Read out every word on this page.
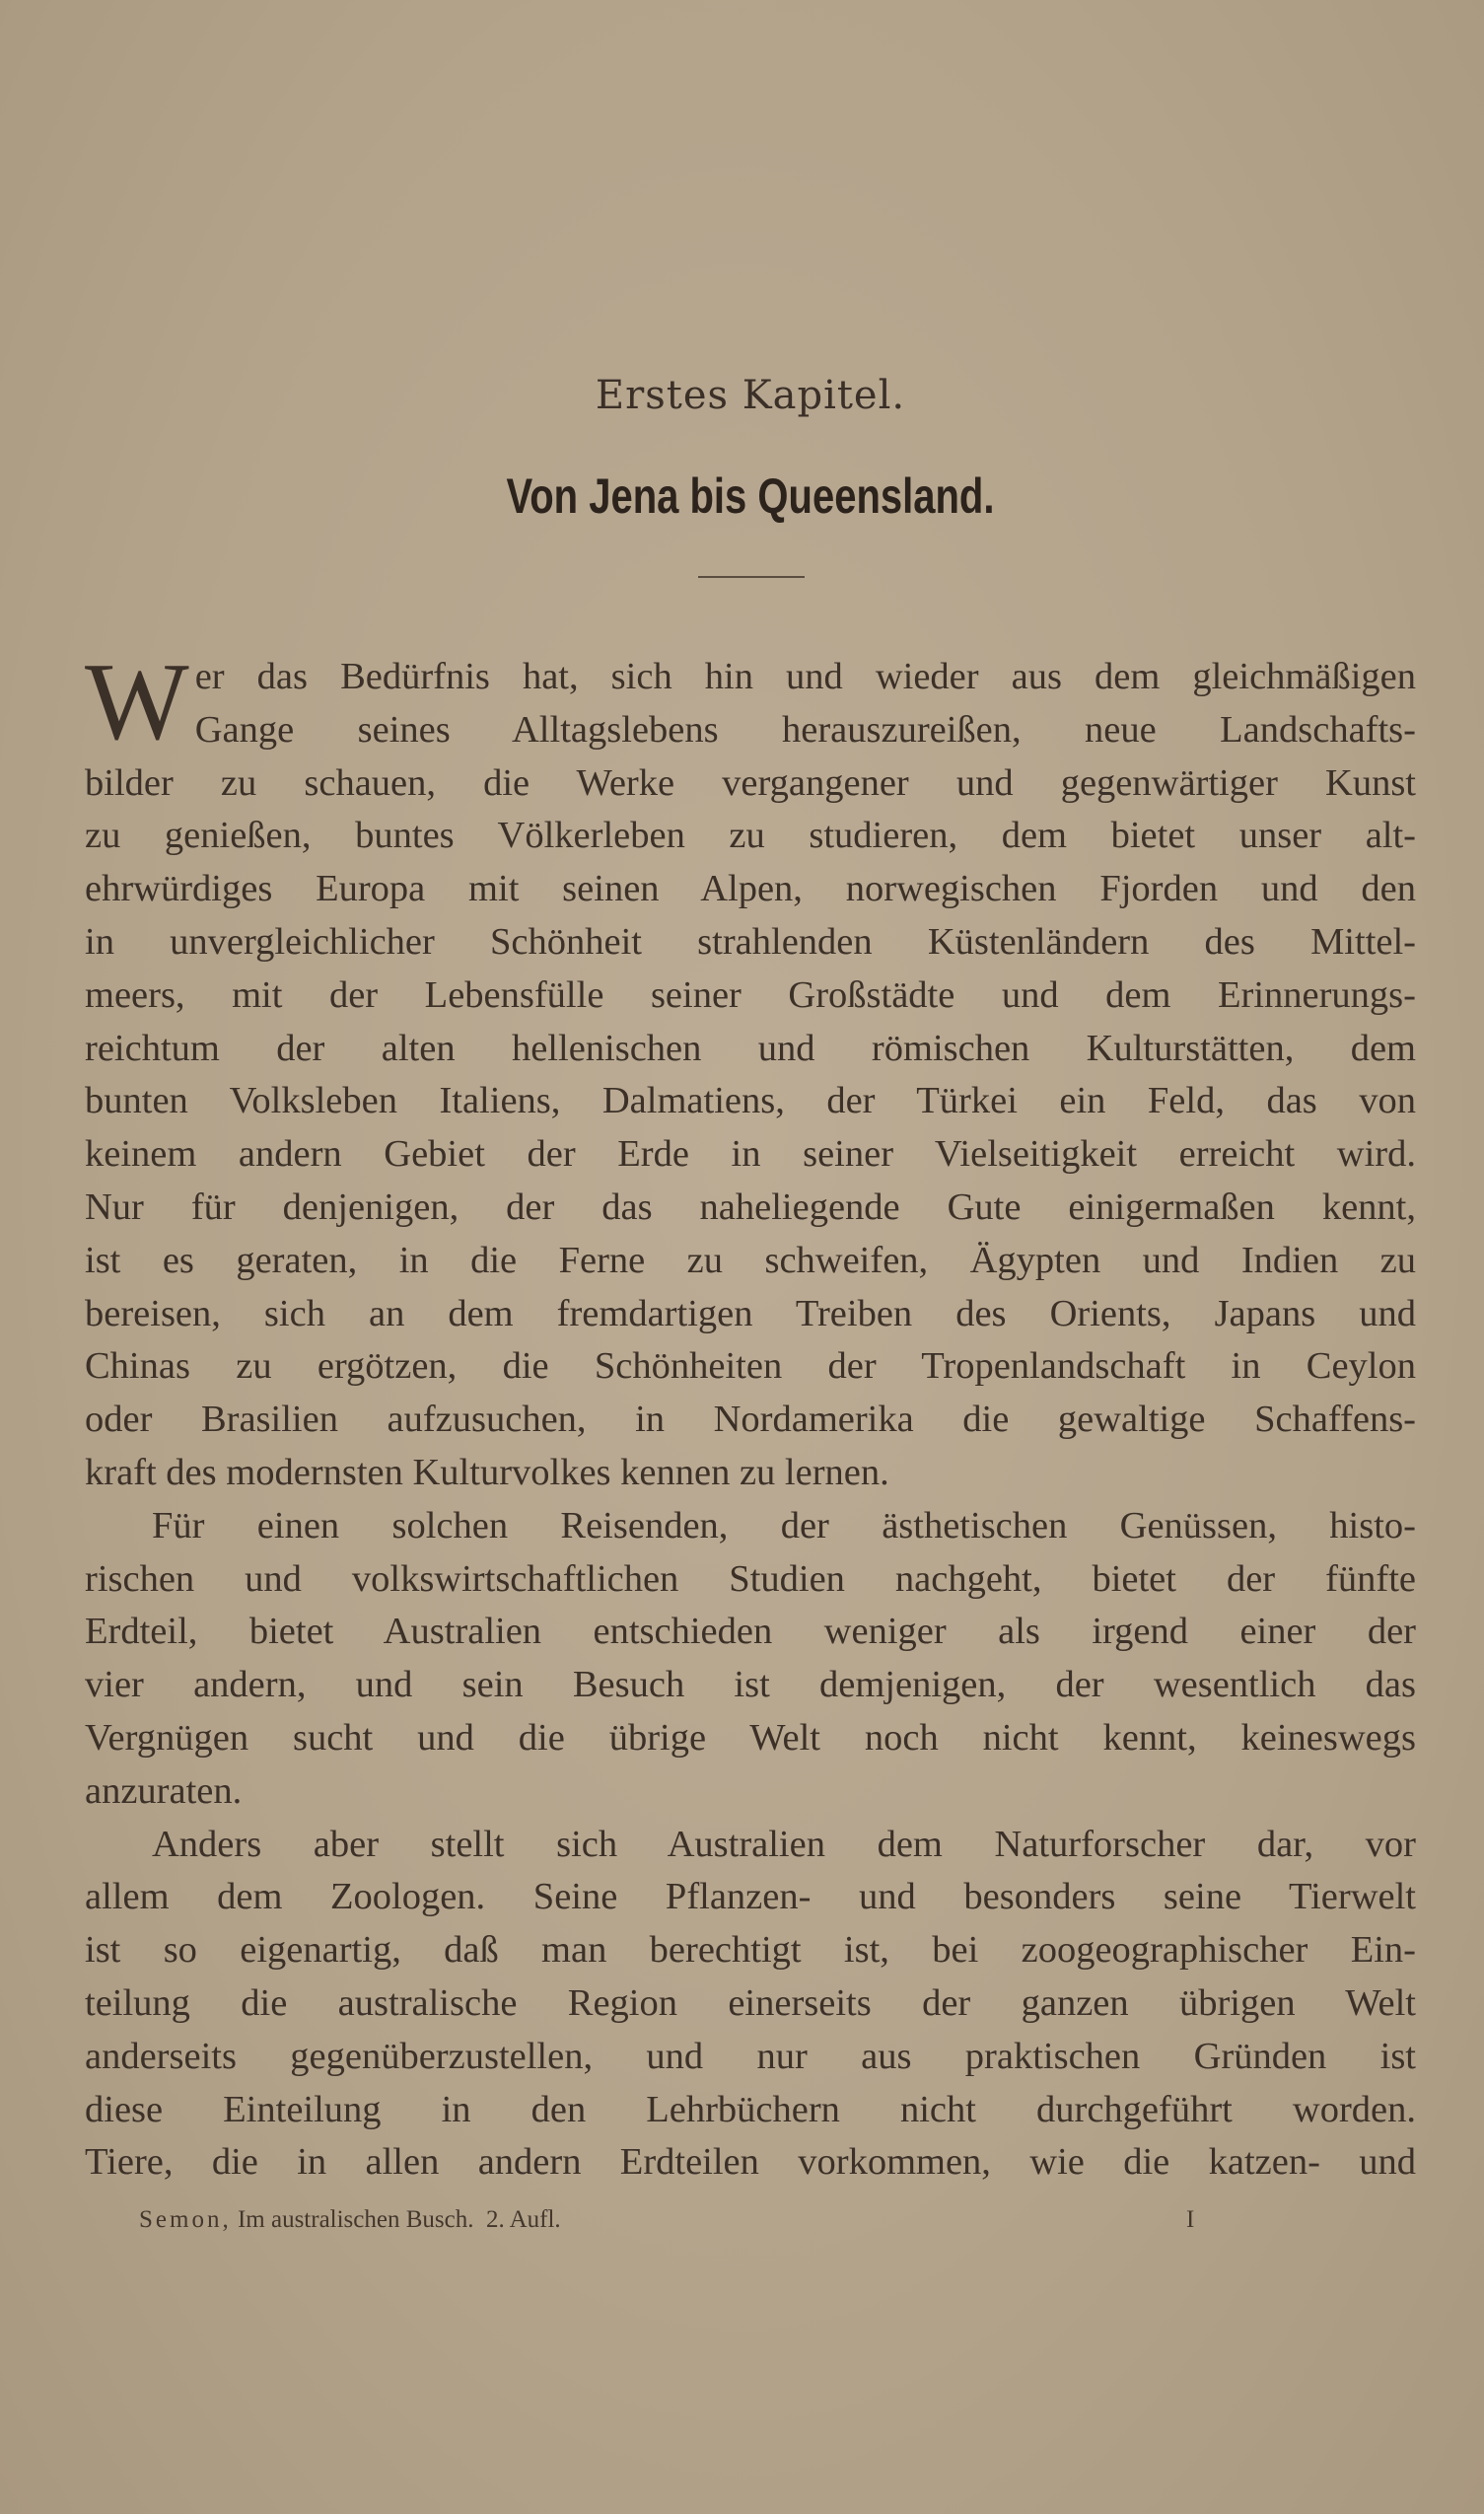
Erstes Kapitel.
Von Jena bis Queensland.
W er das Bedürfnis hat, sich hin und wieder aus dem gleichmäßigen
Gange seines Alltagslebens herauszureißen, neue Landschafts-
bilder zu schauen, die Werke vergangener und gegenwärtiger Kunst
zu genießen, buntes Völkerleben zu studieren, dem bietet unser alt-
ehrwürdiges Europa mit seinen Alpen, norwegischen Fjorden und den
in unvergleichlicher Schönheit strahlenden Küstenländern des Mittel-
meers, mit der Lebensfülle seiner Großstädte und dem Erinnerungs-
reichtum der alten hellenischen und römischen Kulturstätten, dem
bunten Volksleben Italiens, Dalmatiens, der Türkei ein Feld, das von
keinem andern Gebiet der Erde in seiner Vielseitigkeit erreicht wird.
Nur für denjenigen, der das naheliegende Gute einigermaßen kennt,
ist es geraten, in die Ferne zu schweifen, Ägypten und Indien zu
bereisen, sich an dem fremdartigen Treiben des Orients, Japans und
Chinas zu ergötzen, die Schönheiten der Tropenlandschaft in Ceylon
oder Brasilien aufzusuchen, in Nordamerika die gewaltige Schaffens-
kraft des modernsten Kulturvolkes kennen zu lernen.
Für einen solchen Reisenden, der ästhetischen Genüssen, histo-
rischen und volkswirtschaftlichen Studien nachgeht, bietet der fünfte
Erdteil, bietet Australien entschieden weniger als irgend einer der
vier andern, und sein Besuch ist demjenigen, der wesentlich das
Vergnügen sucht und die übrige Welt noch nicht kennt, keineswegs
anzuraten.
Anders aber stellt sich Australien dem Naturforscher dar, vor
allem dem Zoologen. Seine Pflanzen- und besonders seine Tierwelt
ist so eigenartig, daß man berechtigt ist, bei zoogeographischer Ein-
teilung die australische Region einerseits der ganzen übrigen Welt
anderseits gegenüberzustellen, und nur aus praktischen Gründen ist
diese Einteilung in den Lehrbüchern nicht durchgeführt worden.
Tiere, die in allen andern Erdteilen vorkommen, wie die katzen- und
Semon, Im australischen Busch. 2. Aufl.	I
